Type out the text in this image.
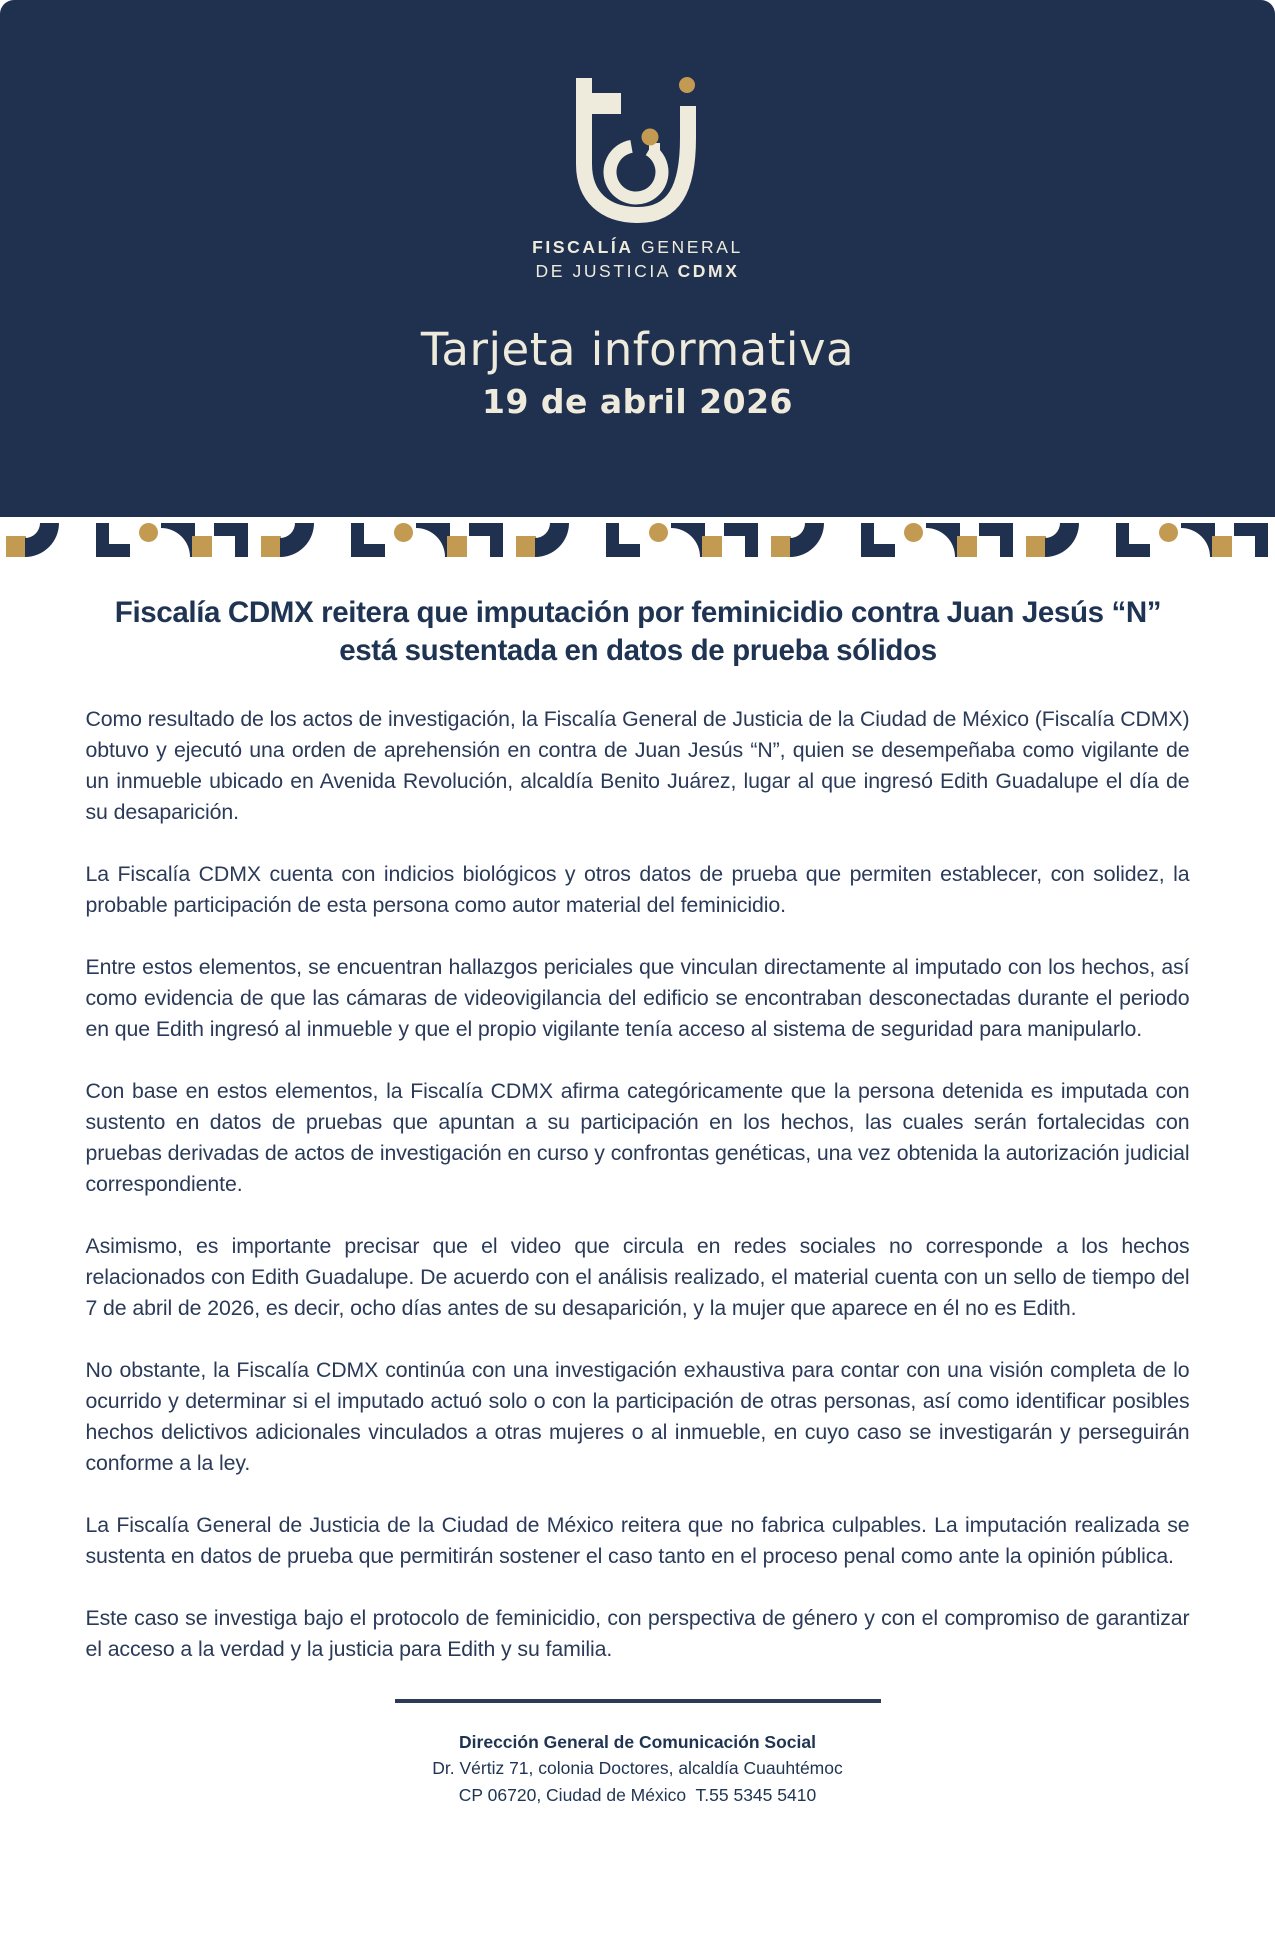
FISCALÍA GENERAL
DE JUSTICIA CDMX
Tarjeta informativa
19 de abril 2026
Fiscalía CDMX reitera que imputación por feminicidio contra Juan Jesús “N” está sustentada en datos de prueba sólidos

Como resultado de los actos de investigación, la Fiscalía General de Justicia de la Ciudad de México (Fiscalía CDMX) obtuvo y ejecutó una orden de aprehensión en contra de Juan Jesús “N”, quien se desempeñaba como vigilante de un inmueble ubicado en Avenida Revolución, alcaldía Benito Juárez, lugar al que ingresó Edith Guadalupe el día de su desaparición.

La Fiscalía CDMX cuenta con indicios biológicos y otros datos de prueba que permiten establecer, con solidez, la probable participación de esta persona como autor material del feminicidio.

Entre estos elementos, se encuentran hallazgos periciales que vinculan directamente al imputado con los hechos, así como evidencia de que las cámaras de videovigilancia del edificio se encontraban desconectadas durante el periodo en que Edith ingresó al inmueble y que el propio vigilante tenía acceso al sistema de seguridad para manipularlo.

Con base en estos elementos, la Fiscalía CDMX afirma categóricamente que la persona detenida es imputada con sustento en datos de pruebas que apuntan a su participación en los hechos, las cuales serán fortalecidas con pruebas derivadas de actos de investigación en curso y confrontas genéticas, una vez obtenida la autorización judicial correspondiente.

Asimismo, es importante precisar que el video que circula en redes sociales no corresponde a los hechos relacionados con Edith Guadalupe. De acuerdo con el análisis realizado, el material cuenta con un sello de tiempo del 7 de abril de 2026, es decir, ocho días antes de su desaparición, y la mujer que aparece en él no es Edith.

No obstante, la Fiscalía CDMX continúa con una investigación exhaustiva para contar con una visión completa de lo ocurrido y determinar si el imputado actuó solo o con la participación de otras personas, así como identificar posibles hechos delictivos adicionales vinculados a otras mujeres o al inmueble, en cuyo caso se investigarán y perseguirán conforme a la ley.

La Fiscalía General de Justicia de la Ciudad de México reitera que no fabrica culpables. La imputación realizada se sustenta en datos de prueba que permitirán sostener el caso tanto en el proceso penal como ante la opinión pública.

Este caso se investiga bajo el protocolo de feminicidio, con perspectiva de género y con el compromiso de garantizar el acceso a la verdad y la justicia para Edith y su familia.

Dirección General de Comunicación Social
Dr. Vértiz 71, colonia Doctores, alcaldía Cuauhtémoc
CP 06720, Ciudad de México  T.55 5345 5410
